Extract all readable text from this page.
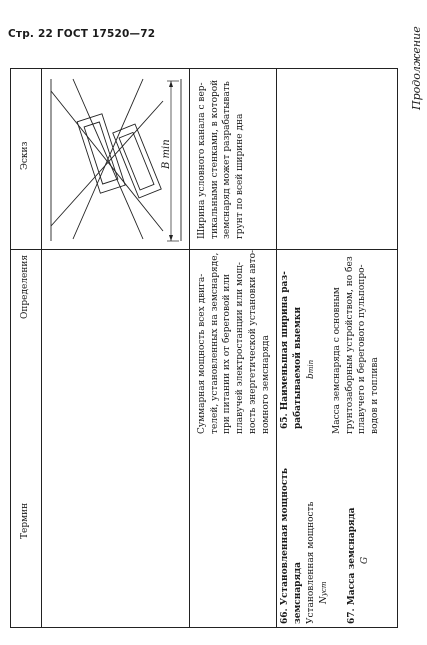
Стр. 22 ГОСТ 17520—72	Продолжение
Эскиз
Определения
Термин
B min
65. Наименьшая ширина раз- рабатываемой выемки bmin
Ширина условного канала с вер- тикальными стенками, в которой земснаряд может разрабатывать грунт по всей ширине дна
66. Установленная мощность земснаряда Установленная мощность Nуст
Суммарная мощность всех двига- телей, установленных на земснаряде, при питании их от береговой или плавучей электростанции или мощ- ность энергетической установки авто- номного земснаряда
67. Масса земснаряда G
Масса земснаряда с основным грунтозаборным устройством, но без плавучего и берегового пульпопро- водов и топлива
